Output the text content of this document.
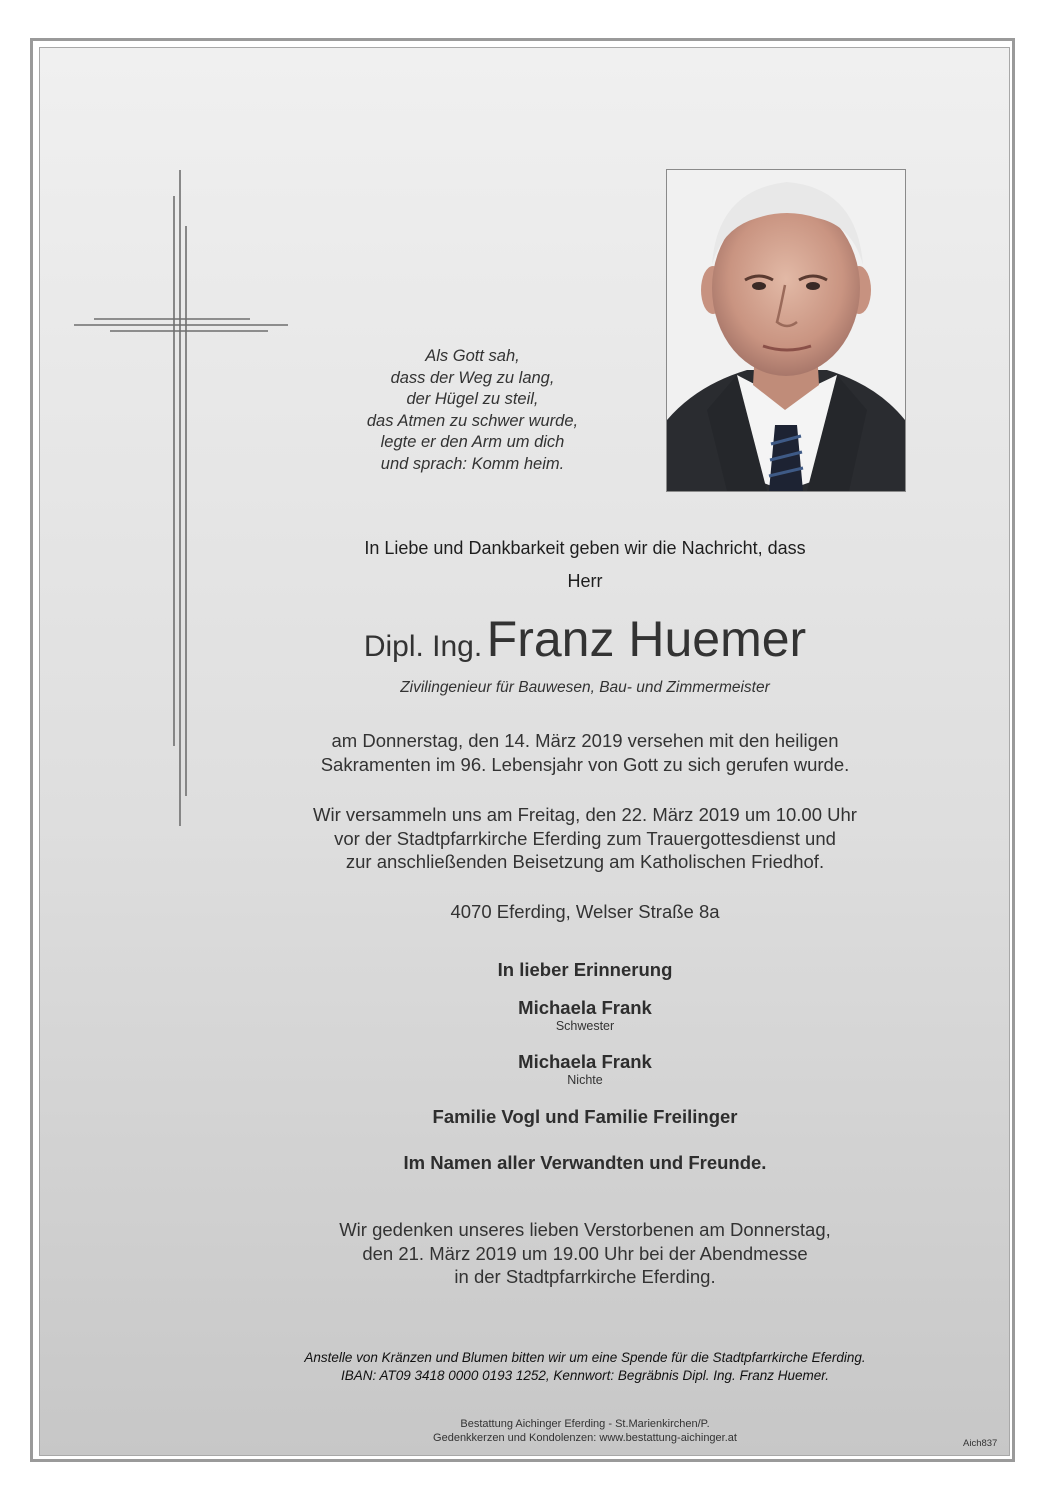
Als Gott sah,
dass der Weg zu lang,
der Hügel zu steil,
das Atmen zu schwer wurde,
legte er den Arm um dich
und sprach: Komm heim.
In Liebe und Dankbarkeit geben wir die Nachricht, dass
Herr
Dipl. Ing. Franz Huemer
Zivilingenieur für Bauwesen, Bau- und Zimmermeister
am Donnerstag, den 14. März 2019 versehen mit den heiligen
Sakramenten im 96. Lebensjahr von Gott zu sich gerufen wurde.
Wir versammeln uns am Freitag, den 22. März 2019 um 10.00 Uhr
vor der Stadtpfarrkirche Eferding zum Trauergottesdienst und
zur anschließenden Beisetzung am Katholischen Friedhof.
4070 Eferding, Welser Straße 8a
In lieber Erinnerung
Michaela Frank
Schwester
Michaela Frank
Nichte
Familie Vogl und Familie Freilinger
Im Namen aller Verwandten und Freunde.
Wir gedenken unseres lieben Verstorbenen am Donnerstag,
den 21. März 2019 um 19.00 Uhr bei der Abendmesse
in der Stadtpfarrkirche Eferding.
Anstelle von Kränzen und Blumen bitten wir um eine Spende für die Stadtpfarrkirche Eferding.
IBAN: AT09 3418 0000 0193 1252, Kennwort: Begräbnis Dipl. Ing. Franz Huemer.
Bestattung Aichinger Eferding - St.Marienkirchen/P.
Gedenkkerzen und Kondolenzen: www.bestattung-aichinger.at	Aich837
